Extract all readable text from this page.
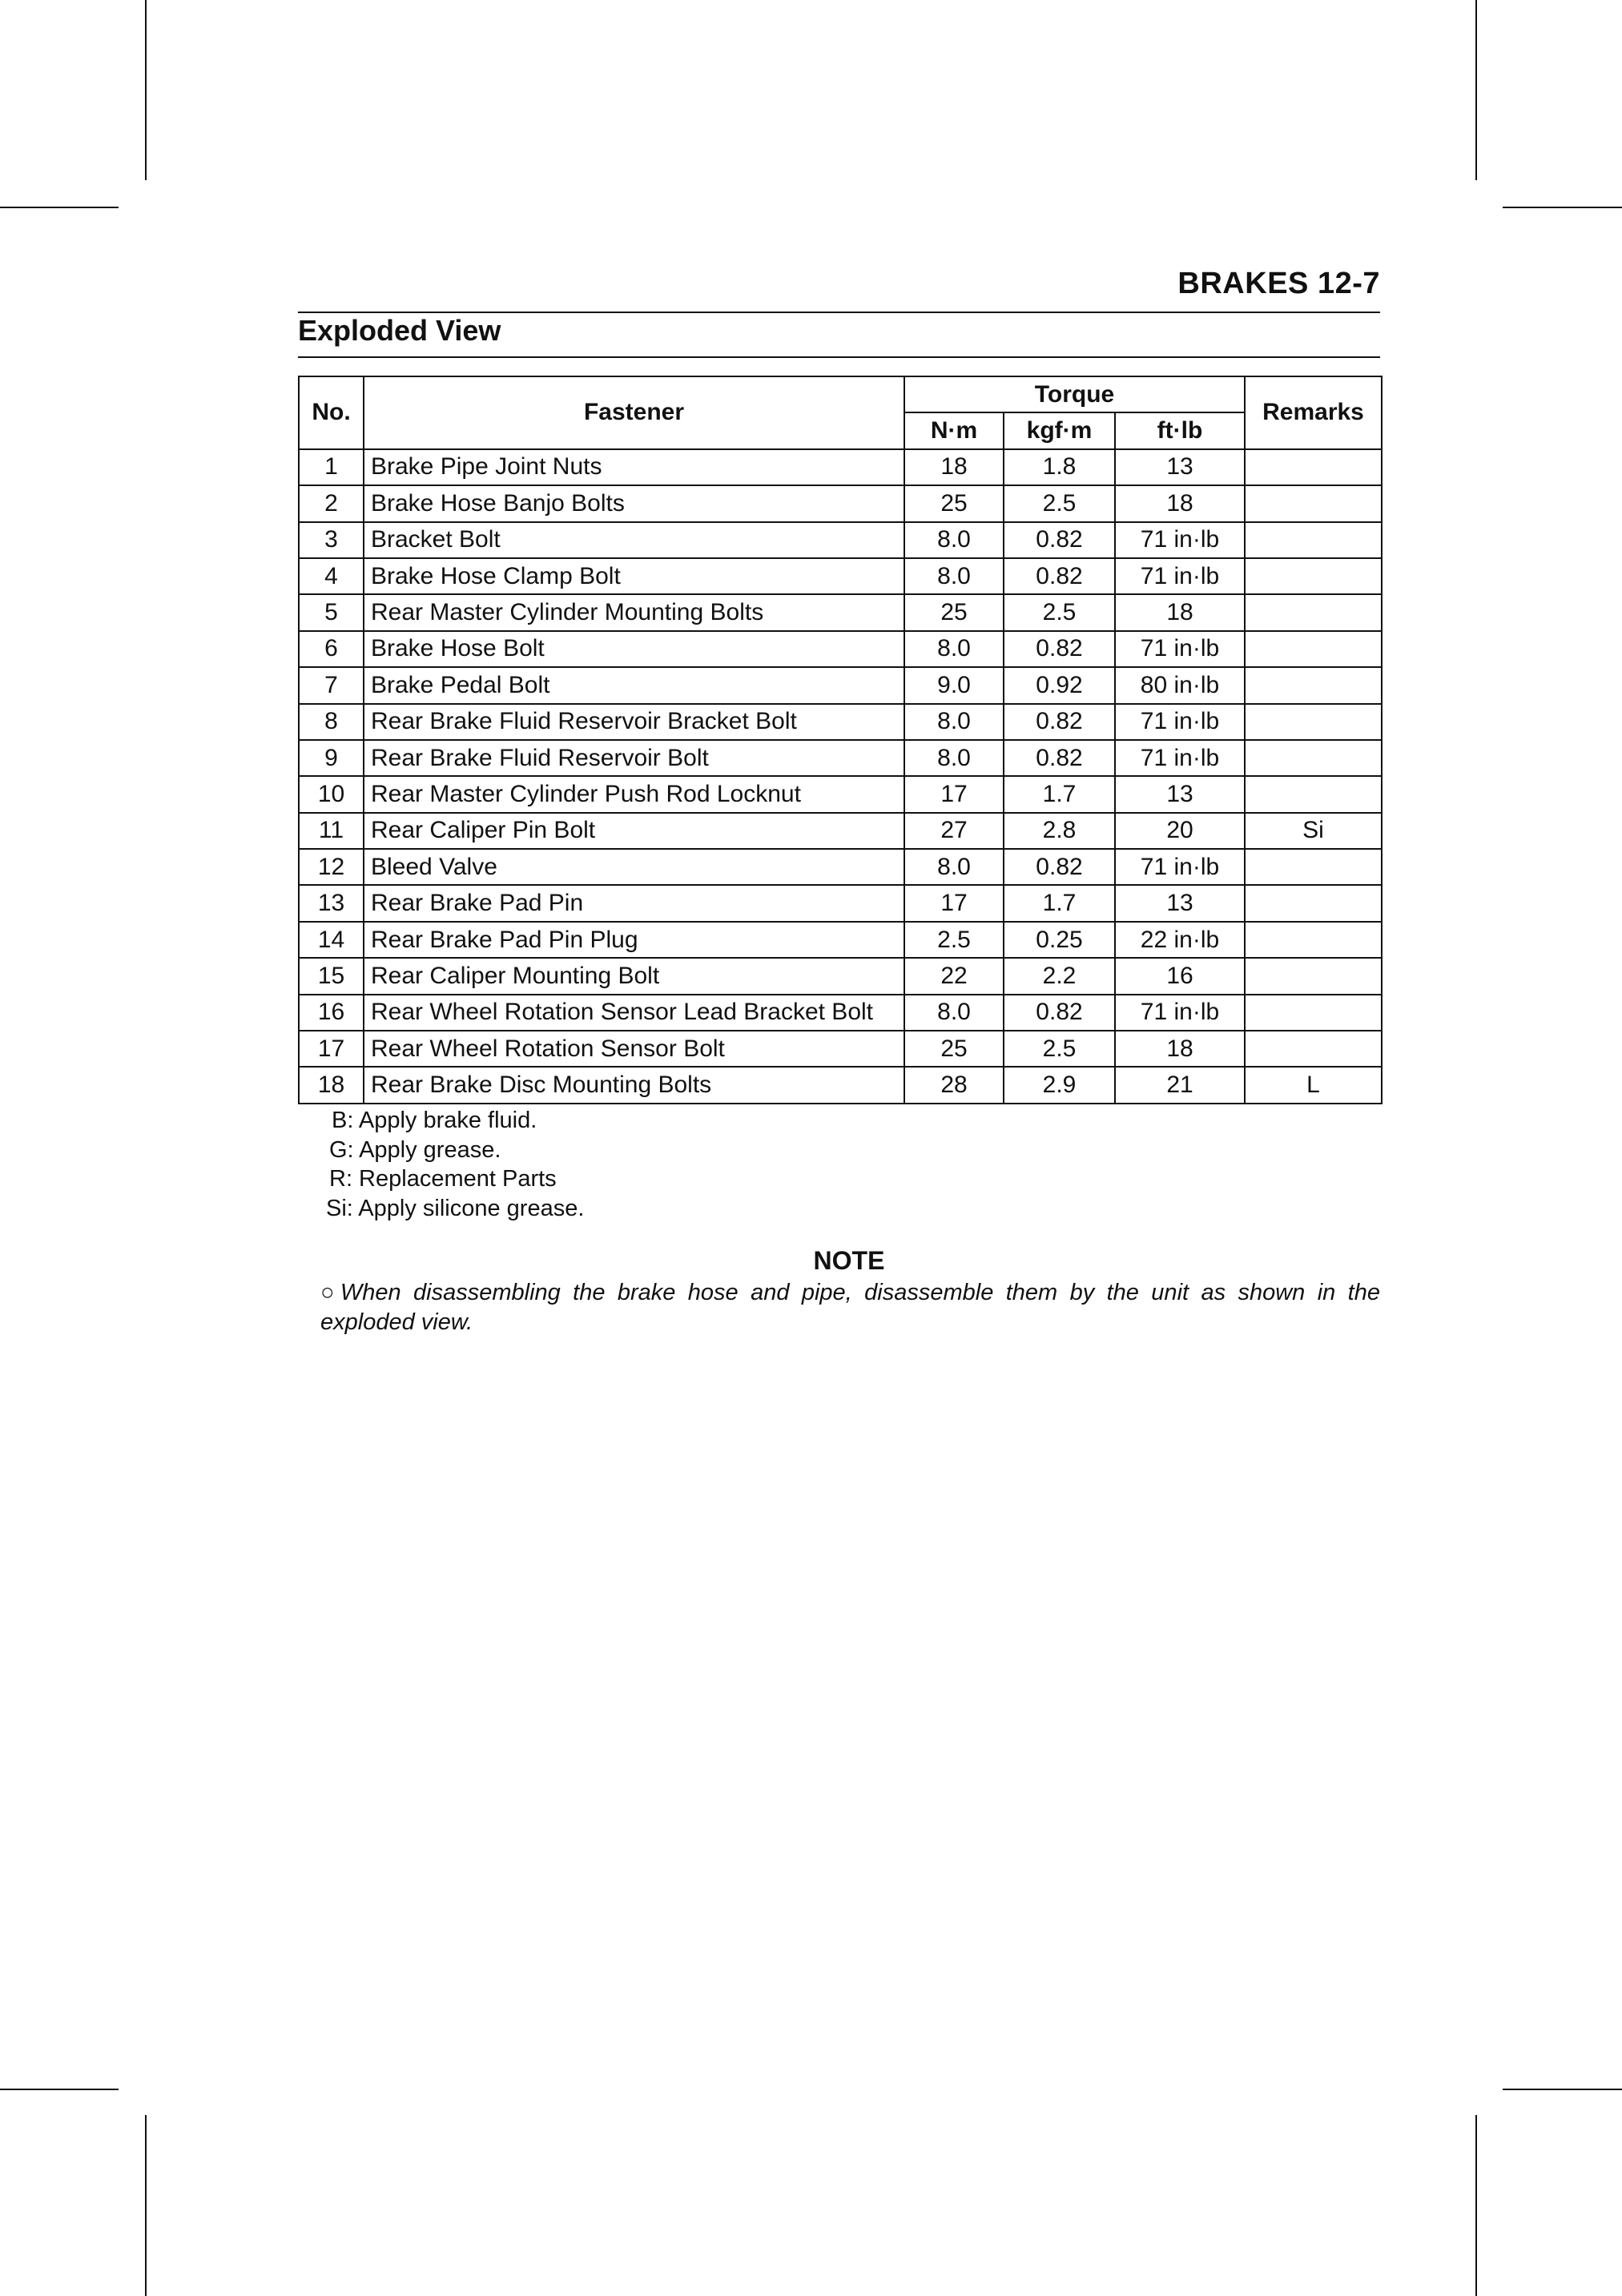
BRAKES 12-7
Exploded View
No.	Fastener	Torque			Remarks
		N·m	kgf·m	ft·lb	
1	Brake Pipe Joint Nuts	18	1.8	13	
2	Brake Hose Banjo Bolts	25	2.5	18	
3	Bracket Bolt	8.0	0.82	71 in·lb	
4	Brake Hose Clamp Bolt	8.0	0.82	71 in·lb	
5	Rear Master Cylinder Mounting Bolts	25	2.5	18	
6	Brake Hose Bolt	8.0	0.82	71 in·lb	
7	Brake Pedal Bolt	9.0	0.92	80 in·lb	
8	Rear Brake Fluid Reservoir Bracket Bolt	8.0	0.82	71 in·lb	
9	Rear Brake Fluid Reservoir Bolt	8.0	0.82	71 in·lb	
10	Rear Master Cylinder Push Rod Locknut	17	1.7	13	
11	Rear Caliper Pin Bolt	27	2.8	20	Si
12	Bleed Valve	8.0	0.82	71 in·lb	
13	Rear Brake Pad Pin	17	1.7	13	
14	Rear Brake Pad Pin Plug	2.5	0.25	22 in·lb	
15	Rear Caliper Mounting Bolt	22	2.2	16	
16	Rear Wheel Rotation Sensor Lead Bracket Bolt	8.0	0.82	71 in·lb	
17	Rear Wheel Rotation Sensor Bolt	25	2.5	18	
18	Rear Brake Disc Mounting Bolts	28	2.9	21	L
B: Apply brake fluid.
G: Apply grease.
R: Replacement Parts
Si: Apply silicone grease.
NOTE
○When disassembling the brake hose and pipe, disassemble them by the unit as shown in the exploded view.
